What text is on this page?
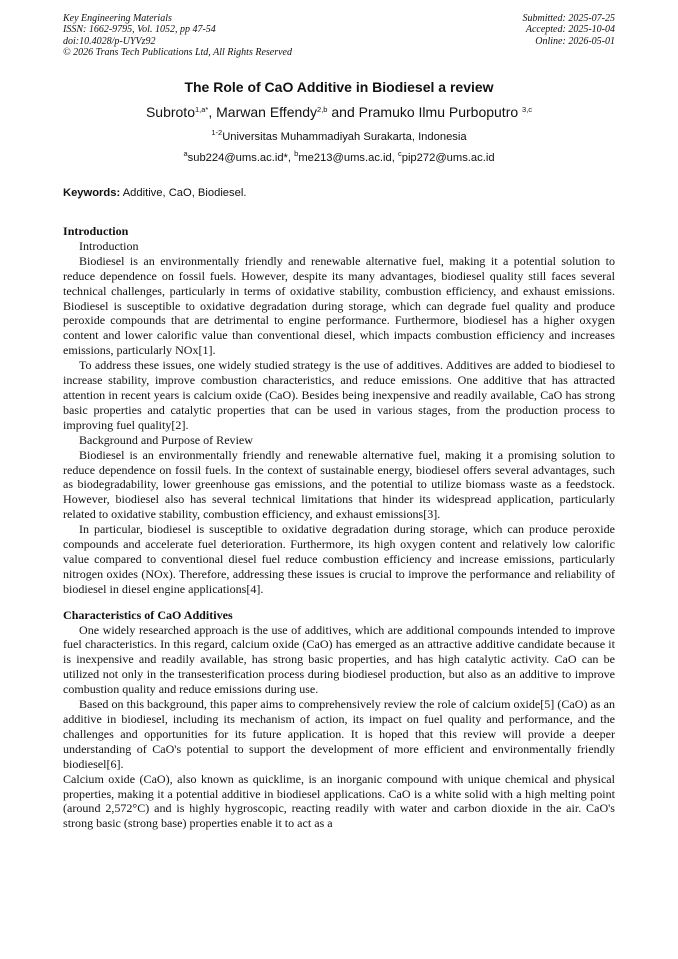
Key Engineering Materials
ISSN: 1662-9795, Vol. 1052, pp 47-54
doi:10.4028/p-UYVz92
© 2026 Trans Tech Publications Ltd, All Rights Reserved
Submitted: 2025-07-25
Accepted: 2025-10-04
Online: 2026-05-01
The Role of CaO Additive in Biodiesel a review
Subroto$^{1,a*}$, Marwan Effendy$^{2,b}$ and Pramuko Ilmu Purboputro $^{3,c}$
$^{1-2}$Universitas Muhammadiyah Surakarta, Indonesia
$^a$sub224@ums.ac.id*, $^b$me213@ums.ac.id, $^c$pip272@ums.ac.id
Keywords: Additive, CaO, Biodiesel.
Introduction

Introduction

Biodiesel is an environmentally friendly and renewable alternative fuel, making it a potential solution to reduce dependence on fossil fuels. However, despite its many advantages, biodiesel quality still faces several technical challenges, particularly in terms of oxidative stability, combustion efficiency, and exhaust emissions. Biodiesel is susceptible to oxidative degradation during storage, which can degrade fuel quality and produce peroxide compounds that are detrimental to engine performance. Furthermore, biodiesel has a higher oxygen content and lower calorific value than conventional diesel, which impacts combustion efficiency and increases emissions, particularly NOx[1].

To address these issues, one widely studied strategy is the use of additives. Additives are added to biodiesel to increase stability, improve combustion characteristics, and reduce emissions. One additive that has attracted attention in recent years is calcium oxide (CaO). Besides being inexpensive and readily available, CaO has strong basic properties and catalytic properties that can be used in various stages, from the production process to improving fuel quality[2].

Background and Purpose of Review

Biodiesel is an environmentally friendly and renewable alternative fuel, making it a promising solution to reduce dependence on fossil fuels. In the context of sustainable energy, biodiesel offers several advantages, such as biodegradability, lower greenhouse gas emissions, and the potential to utilize biomass waste as a feedstock. However, biodiesel also has several technical limitations that hinder its widespread application, particularly related to oxidative stability, combustion efficiency, and exhaust emissions[3].

In particular, biodiesel is susceptible to oxidative degradation during storage, which can produce peroxide compounds and accelerate fuel deterioration. Furthermore, its high oxygen content and relatively low calorific value compared to conventional diesel fuel reduce combustion efficiency and increase emissions, particularly nitrogen oxides (NOx). Therefore, addressing these issues is crucial to improve the performance and reliability of biodiesel in diesel engine applications[4].

Characteristics of CaO Additives

One widely researched approach is the use of additives, which are additional compounds intended to improve fuel characteristics. In this regard, calcium oxide (CaO) has emerged as an attractive additive candidate because it is inexpensive and readily available, has strong basic properties, and has high catalytic activity. CaO can be utilized not only in the transesterification process during biodiesel production, but also as an additive to improve combustion quality and reduce emissions during use.

Based on this background, this paper aims to comprehensively review the role of calcium oxide[5] (CaO) as an additive in biodiesel, including its mechanism of action, its impact on fuel quality and performance, and the challenges and opportunities for its future application. It is hoped that this review will provide a deeper understanding of CaO's potential to support the development of more efficient and environmentally friendly biodiesel[6].

Calcium oxide (CaO), also known as quicklime, is an inorganic compound with unique chemical and physical properties, making it a potential additive in biodiesel applications. CaO is a white solid with a high melting point (around 2,572°C) and is highly hygroscopic, reacting readily with water and carbon dioxide in the air. CaO's strong basic (strong base) properties enable it to act as a
